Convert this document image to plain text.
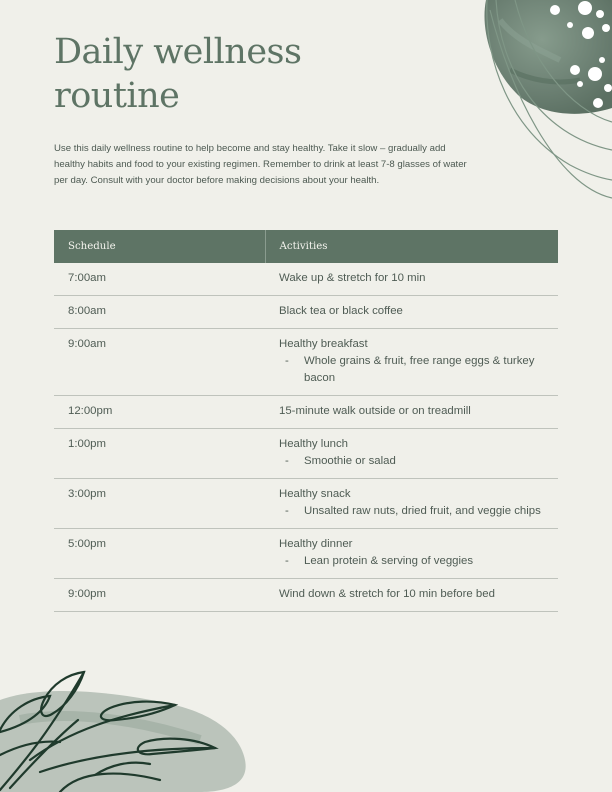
Daily wellness
routine

Use this daily wellness routine to help become and stay healthy. Take it slow – gradually add healthy habits and food to your existing regimen. Remember to drink at least 7-8 glasses of water per day. Consult with your doctor before making decisions about your health.

Schedule	Activities
7:00am	Wake up & stretch for 10 min

8:00am	Black tea or black coffee

9:00am	Healthy breakfast
- Whole grains & fruit, free range eggs & turkey bacon

12:00pm	15-minute walk outside or on treadmill

1:00pm	Healthy lunch
- Smoothie or salad

3:00pm	Healthy snack
- Unsalted raw nuts, dried fruit, and veggie chips

5:00pm	Healthy dinner
- Lean protein & serving of veggies

9:00pm	Wind down & stretch for 10 min before bed
